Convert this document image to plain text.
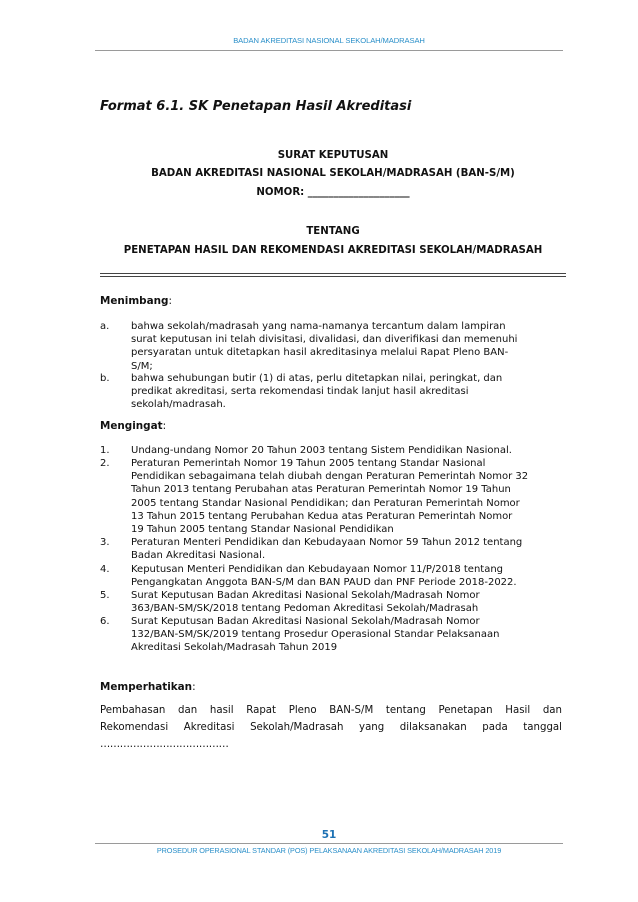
BADAN AKREDITASI NASIONAL SEKOLAH/MADRASAH
Format 6.1. SK Penetapan Hasil Akreditasi
SURAT KEPUTUSAN
BADAN AKREDITASI NASIONAL SEKOLAH/MADRASAH (BAN-S/M)
NOMOR: ____________________
TENTANG
PENETAPAN HASIL DAN REKOMENDASI AKREDITASI SEKOLAH/MADRASAH
Menimbang:
a. bahwa sekolah/madrasah yang nama-namanya tercantum dalam lampiran
surat keputusan ini telah divisitasi, divalidasi, dan diverifikasi dan memenuhi
persyaratan untuk ditetapkan hasil akreditasinya melalui Rapat Pleno BAN-
S/M;
b. bahwa sehubungan butir (1) di atas, perlu ditetapkan nilai, peringkat, dan
predikat akreditasi, serta rekomendasi tindak lanjut hasil akreditasi
sekolah/madrasah.
Mengingat:
1. Undang-undang Nomor 20 Tahun 2003 tentang Sistem Pendidikan Nasional.
2. Peraturan Pemerintah Nomor 19 Tahun 2005 tentang Standar Nasional
Pendidikan sebagaimana telah diubah dengan Peraturan Pemerintah Nomor 32
Tahun 2013 tentang Perubahan atas Peraturan Pemerintah Nomor 19 Tahun
2005 tentang Standar Nasional Pendidikan; dan Peraturan Pemerintah Nomor
13 Tahun 2015 tentang Perubahan Kedua atas Peraturan Pemerintah Nomor
19 Tahun 2005 tentang Standar Nasional Pendidikan
3. Peraturan Menteri Pendidikan dan Kebudayaan Nomor 59 Tahun 2012 tentang
Badan Akreditasi Nasional.
4. Keputusan Menteri Pendidikan dan Kebudayaan Nomor 11/P/2018 tentang
Pengangkatan Anggota BAN-S/M dan BAN PAUD dan PNF Periode 2018-2022.
5. Surat Keputusan Badan Akreditasi Nasional Sekolah/Madrasah Nomor
363/BAN-SM/SK/2018 tentang Pedoman Akreditasi Sekolah/Madrasah
6. Surat Keputusan Badan Akreditasi Nasional Sekolah/Madrasah Nomor
132/BAN-SM/SK/2019 tentang Prosedur Operasional Standar Pelaksanaan
Akreditasi Sekolah/Madrasah Tahun 2019
Memperhatikan:
Pembahasan dan hasil Rapat Pleno BAN-S/M tentang Penetapan Hasil dan
Rekomendasi Akreditasi Sekolah/Madrasah yang dilaksanakan pada tanggal
…………………………………
51
PROSEDUR OPERASIONAL STANDAR (POS) PELAKSANAAN AKREDITASI SEKOLAH/MADRASAH 2019
